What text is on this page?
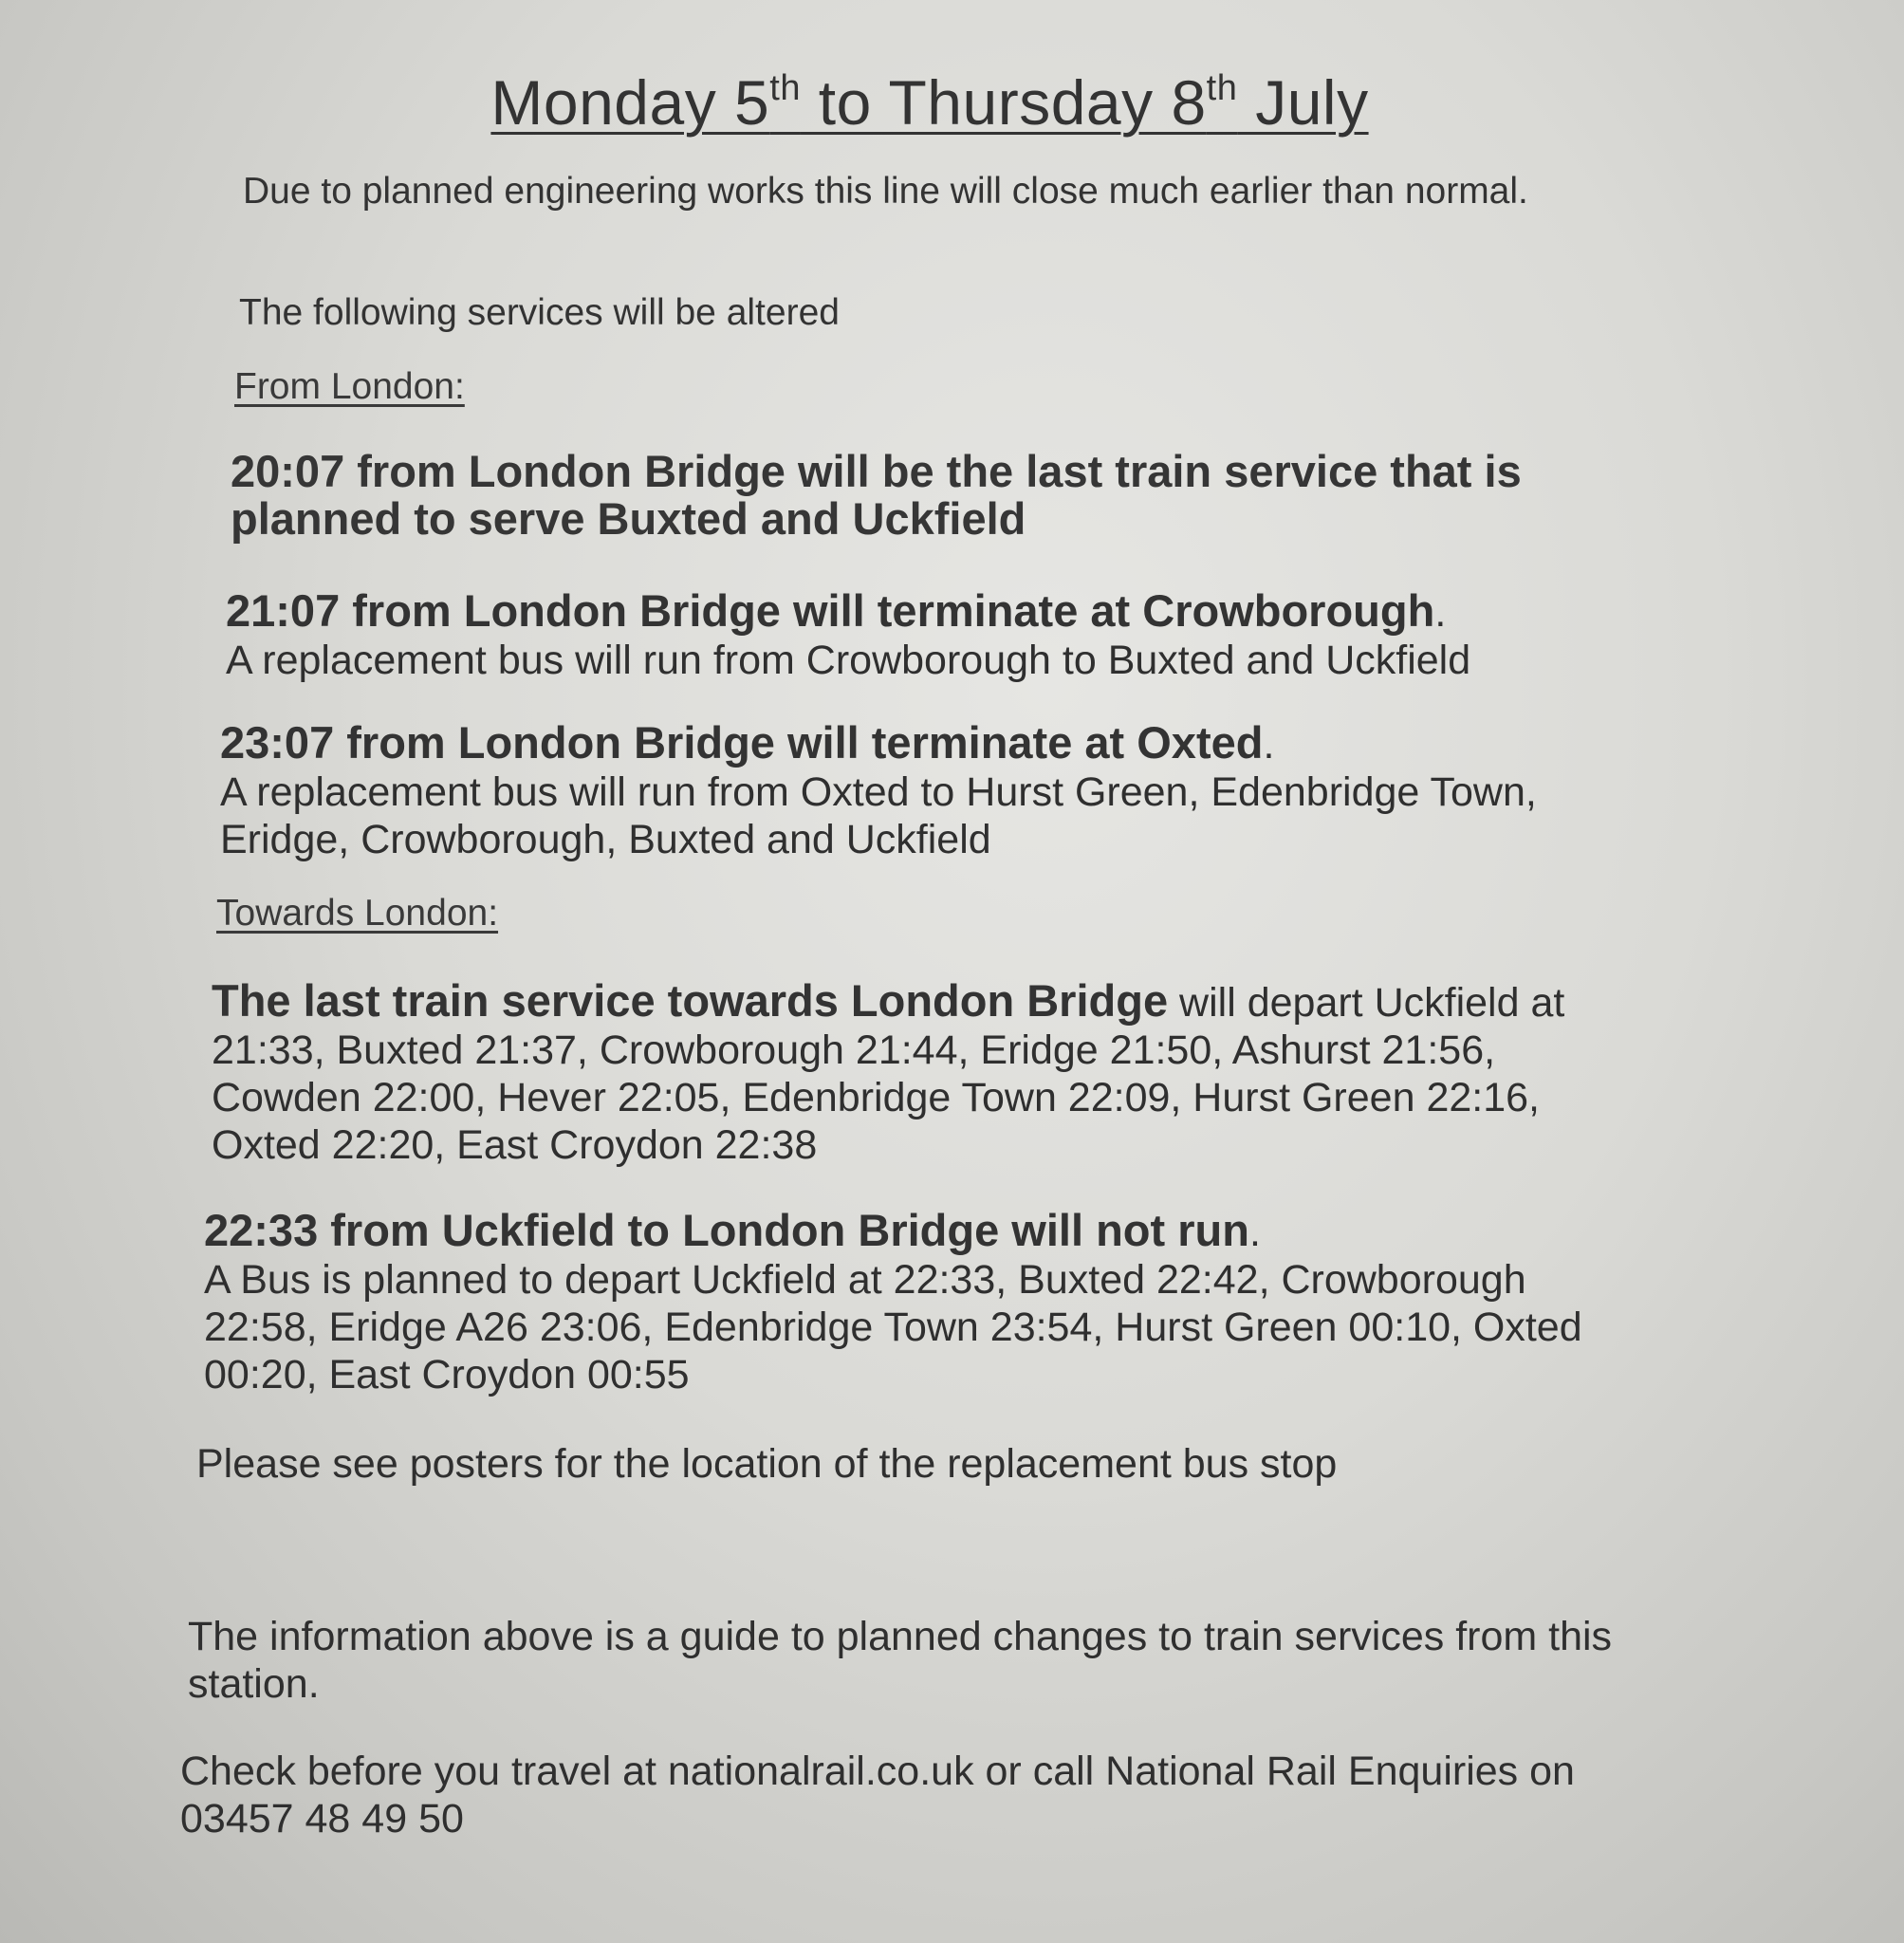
Monday 5th to Thursday 8th July
Due to planned engineering works this line will close much earlier than normal.
The following services will be altered
From London:
20:07 from London Bridge will be the last train service that is planned to serve Buxted and Uckfield
21:07 from London Bridge will terminate at Crowborough.
A replacement bus will run from Crowborough to Buxted and Uckfield
23:07 from London Bridge will terminate at Oxted.
A replacement bus will run from Oxted to Hurst Green, Edenbridge Town, Eridge, Crowborough, Buxted and Uckfield
Towards London:
The last train service towards London Bridge will depart Uckfield at 21:33, Buxted 21:37, Crowborough 21:44, Eridge 21:50, Ashurst 21:56, Cowden 22:00, Hever 22:05, Edenbridge Town 22:09, Hurst Green 22:16, Oxted 22:20, East Croydon 22:38
22:33 from Uckfield to London Bridge will not run.
A Bus is planned to depart Uckfield at 22:33, Buxted 22:42, Crowborough 22:58, Eridge A26 23:06, Edenbridge Town 23:54, Hurst Green 00:10, Oxted 00:20, East Croydon 00:55
Please see posters for the location of the replacement bus stop
The information above is a guide to planned changes to train services from this station.
Check before you travel at nationalrail.co.uk or call National Rail Enquiries on 03457 48 49 50
